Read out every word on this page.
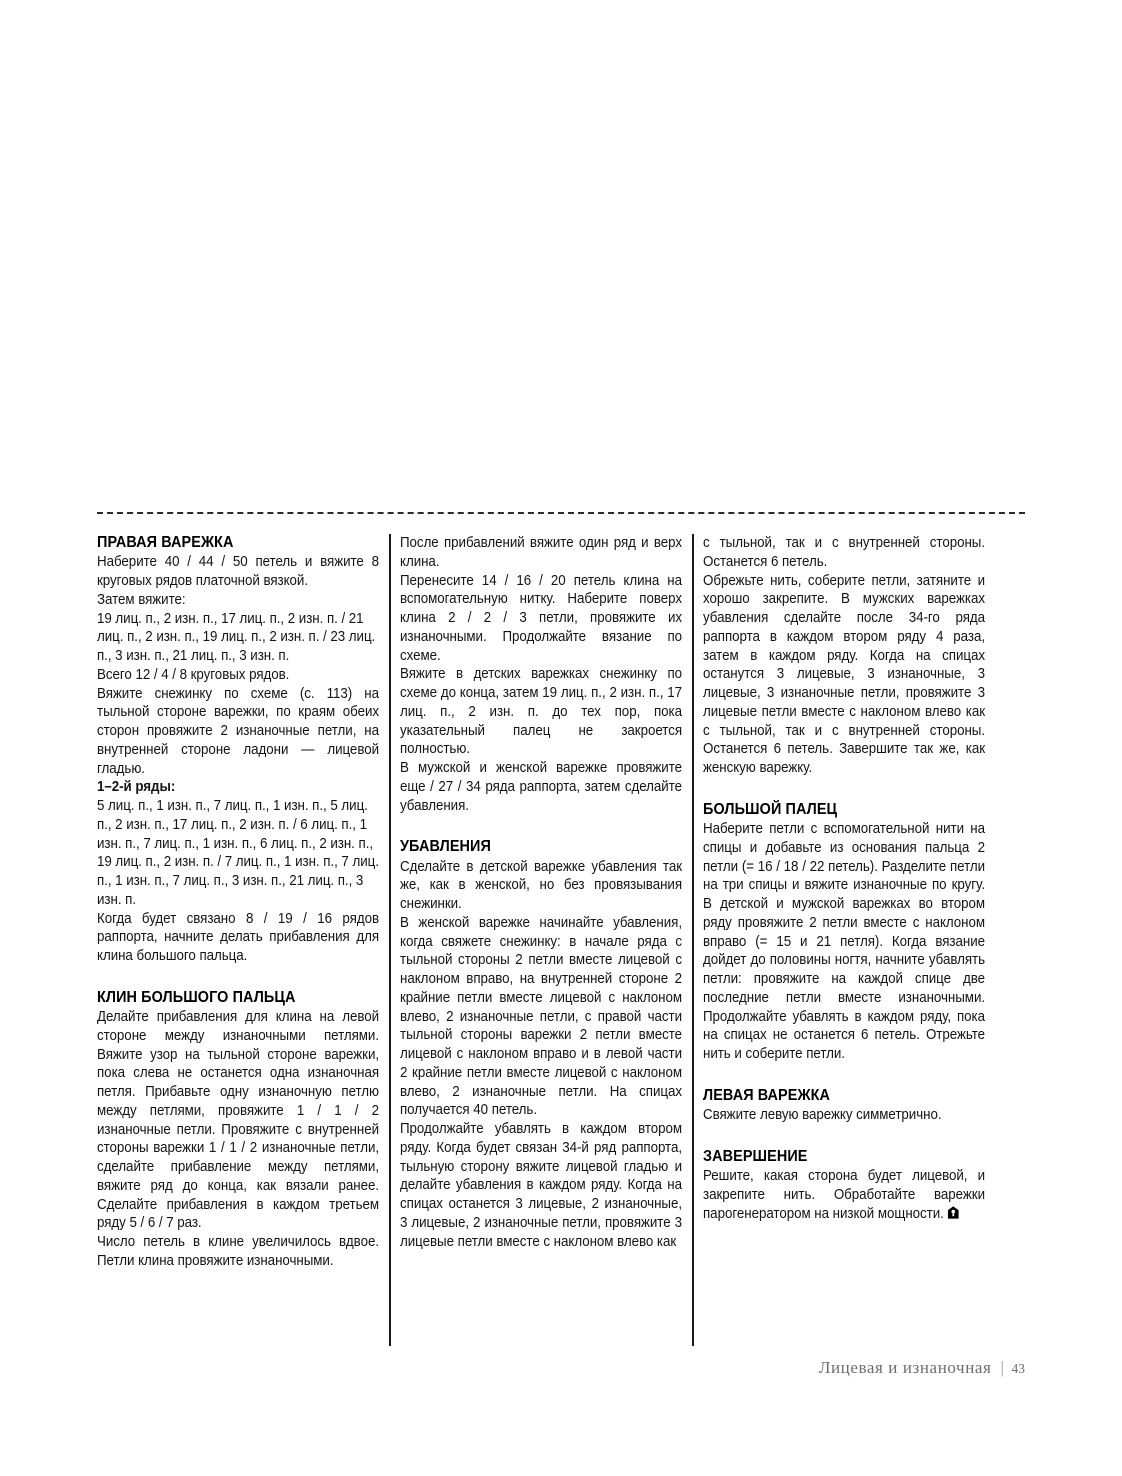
ПРАВАЯ ВАРЕЖКА

Наберите 40 / 44 / 50 петель и вяжите 8 круговых рядов платочной вязкой.

Затем вяжите:

19 лиц. п., 2 изн. п., 17 лиц. п., 2 изн. п. / 21 лиц. п., 2 изн. п., 19 лиц. п., 2 изн. п. / 23 лиц. п., 3 изн. п., 21 лиц. п., 3 изн. п.

Всего 12 / 4 / 8 круговых рядов.

Вяжите снежинку по схеме (с. 113) на тыльной стороне варежки, по краям обеих сторон провяжите 2 изнаночные петли, на внутренней стороне ладони — лицевой гладью.

1–2-й ряды:

5 лиц. п., 1 изн. п., 7 лиц. п., 1 изн. п., 5 лиц. п., 2 изн. п., 17 лиц. п., 2 изн. п. / 6 лиц. п., 1 изн. п., 7 лиц. п., 1 изн. п., 6 лиц. п., 2 изн. п., 19 лиц. п., 2 изн. п. / 7 лиц. п., 1 изн. п., 7 лиц. п., 1 изн. п., 7 лиц. п., 3 изн. п., 21 лиц. п., 3 изн. п.

Когда будет связано 8 / 19 / 16 рядов раппорта, начните делать прибавления для клина большого пальца.

КЛИН БОЛЬШОГО ПАЛЬЦА

Делайте прибавления для клина на левой стороне между изнаночными петлями. Вяжите узор на тыльной стороне варежки, пока слева не останется одна изнаночная петля. Прибавьте одну изнаночную петлю между петлями, провяжите 1 / 1 / 2 изнаночные петли. Провяжите с внутренней стороны варежки 1 / 1 / 2 изнаночные петли, сделайте прибавление между петлями, вяжите ряд до конца, как вязали ранее. Сделайте прибавления в каждом третьем ряду 5 / 6 / 7 раз.

Число петель в клине увеличилось вдвое. Петли клина провяжите изнаночными.

После прибавлений вяжите один ряд и верх клина.

Перенесите 14 / 16 / 20 петель клина на вспомогательную нитку. Наберите поверх клина 2 / 2 / 3 петли, провяжите их изнаночными. Продолжайте вязание по схеме.

Вяжите в детских варежках снежинку по схеме до конца, затем 19 лиц. п., 2 изн. п., 17 лиц. п., 2 изн. п. до тех пор, пока указательный палец не закроется полностью.

В мужской и женской варежке провяжите еще / 27 / 34 ряда раппорта, затем сделайте убавления.

УБАВЛЕНИЯ

Сделайте в детской варежке убавления так же, как в женской, но без провязывания снежинки.

В женской варежке начинайте убавления, когда свяжете снежинку: в начале ряда с тыльной стороны 2 петли вместе лицевой с наклоном вправо, на внутренней стороне 2 крайние петли вместе лицевой с наклоном влево, 2 изнаночные петли, с правой части тыльной стороны варежки 2 петли вместе лицевой с наклоном вправо и в левой части 2 крайние петли вместе лицевой с наклоном влево, 2 изнаночные петли. На спицах получается 40 петель.

Продолжайте убавлять в каждом втором ряду. Когда будет связан 34-й ряд раппорта, тыльную сторону вяжите лицевой гладью и делайте убавления в каждом ряду. Когда на спицах останется 3 лицевые, 2 изнаночные, 3 лицевые, 2 изнаночные петли, провяжите 3 лицевые петли вместе с наклоном влево как

с тыльной, так и с внутренней стороны. Останется 6 петель.

Обрежьте нить, соберите петли, затяните и хорошо закрепите. В мужских варежках убавления сделайте после 34-го ряда раппорта в каждом втором ряду 4 раза, затем в каждом ряду. Когда на спицах останутся 3 лицевые, 3 изнаночные, 3 лицевые, 3 изнаночные петли, провяжите 3 лицевые петли вместе с наклоном влево как с тыльной, так и с внутренней стороны. Останется 6 петель. Завершите так же, как женскую варежку.

БОЛЬШОЙ ПАЛЕЦ

Наберите петли с вспомогательной нити на спицы и добавьте из основания пальца 2 петли (= 16 / 18 / 22 петель). Разделите петли на три спицы и вяжите изнаночные по кругу. В детской и мужской варежках во втором ряду провяжите 2 петли вместе с наклоном вправо (= 15 и 21 петля). Когда вязание дойдет до половины ногтя, начните убавлять петли: провяжите на каждой спице две последние петли вместе изнаночными. Продолжайте убавлять в каждом ряду, пока на спицах не останется 6 петель. Отрежьте нить и соберите петли.

ЛЕВАЯ ВАРЕЖКА

Свяжите левую варежку симметрично.

ЗАВЕРШЕНИЕ

Решите, какая сторона будет лицевой, и закрепите нить. Обработайте варежки парогенератором на низкой мощности.

Лицевая и изнаночная | 43
